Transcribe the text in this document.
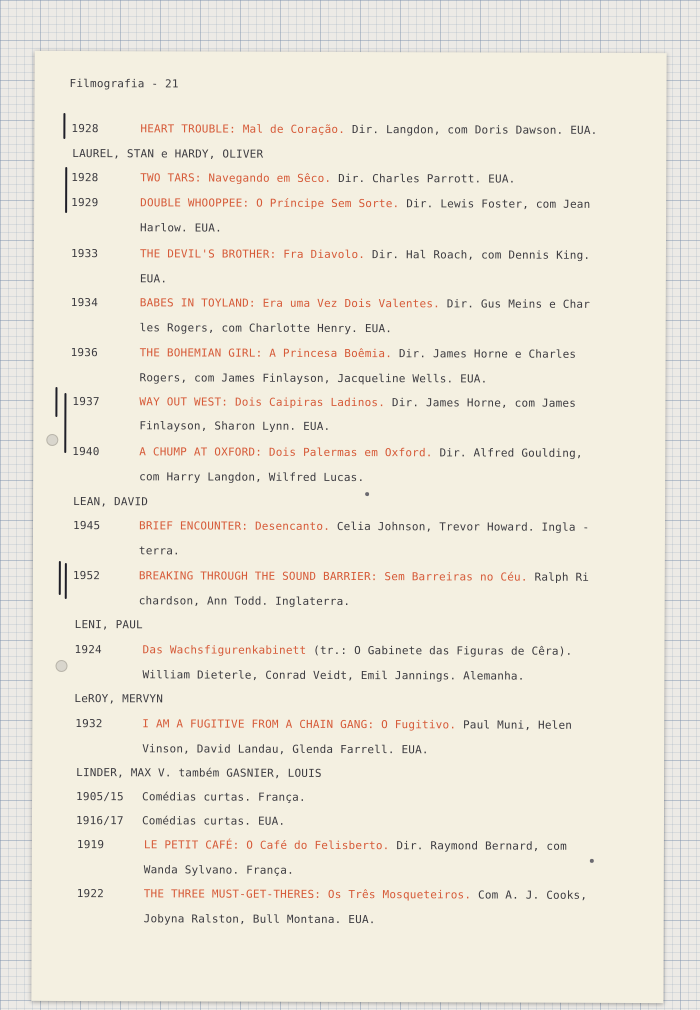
Filmografia - 21
1928	HEART TROUBLE: Mal de Coração. Dir. Langdon, com Doris Dawson. EUA.
LAUREL, STAN e HARDY, OLIVER
1928	TWO TARS: Navegando em Sêco. Dir. Charles Parrott. EUA.
1929	DOUBLE WHOOPPEE: O Príncipe Sem Sorte. Dir. Lewis Foster, com Jean
Harlow. EUA.
1933	THE DEVIL'S BROTHER: Fra Diavolo. Dir. Hal Roach, com Dennis King.
EUA.
1934	BABES IN TOYLAND: Era uma Vez Dois Valentes. Dir. Gus Meins e Char
les Rogers, com Charlotte Henry. EUA.
1936	THE BOHEMIAN GIRL: A Princesa Boêmia. Dir. James Horne e Charles
Rogers, com James Finlayson, Jacqueline Wells. EUA.
1937	WAY OUT WEST: Dois Caipiras Ladinos. Dir. James Horne, com James
Finlayson, Sharon Lynn. EUA.
1940	A CHUMP AT OXFORD: Dois Palermas em Oxford. Dir. Alfred Goulding,
com Harry Langdon, Wilfred Lucas.
LEAN, DAVID
1945	BRIEF ENCOUNTER: Desencanto. Celia Johnson, Trevor Howard. Ingla -
terra.
1952	BREAKING THROUGH THE SOUND BARRIER: Sem Barreiras no Céu. Ralph Ri
chardson, Ann Todd. Inglaterra.
LENI, PAUL
1924	Das Wachsfigurenkabinett (tr.: O Gabinete das Figuras de Cêra).
William Dieterle, Conrad Veidt, Emil Jannings. Alemanha.
LeROY, MERVYN
1932	I AM A FUGITIVE FROM A CHAIN GANG: O Fugitivo. Paul Muni, Helen
Vinson, David Landau, Glenda Farrell. EUA.
LINDER, MAX V. também GASNIER, LOUIS
1905/15 Comédias curtas. França.
1916/17 Comédias curtas. EUA.
1919	LE PETIT CAFÉ: O Café do Felisberto. Dir. Raymond Bernard, com
Wanda Sylvano. França.
1922	THE THREE MUST-GET-THERES: Os Três Mosqueteiros. Com A. J. Cooks,
Jobyna Ralston, Bull Montana. EUA.
